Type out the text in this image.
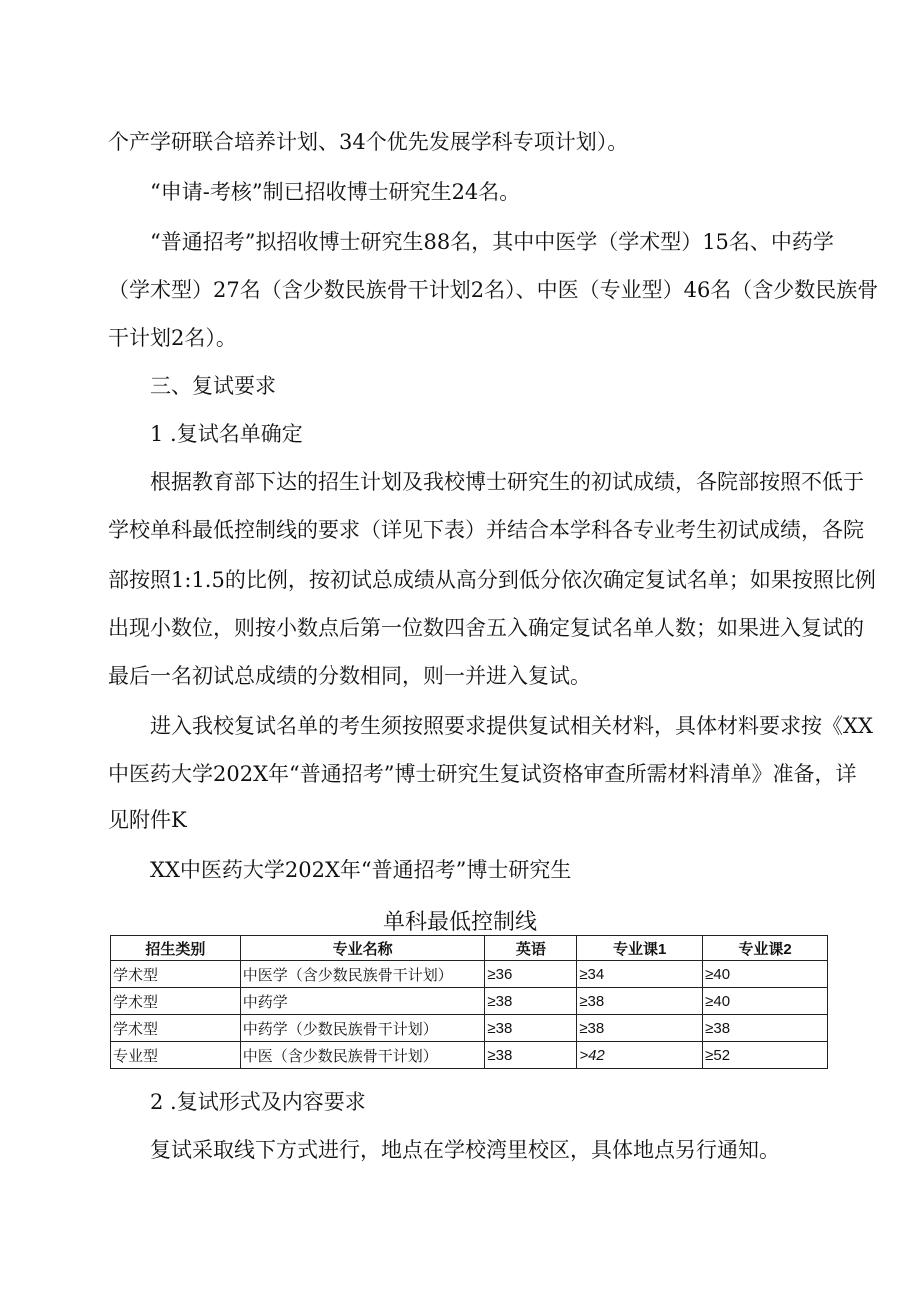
个产学研联合培养计划、34个优先发展学科专项计划）。
“申请-考核”制已招收博士研究生24名。
“普通招考”拟招收博士研究生88名，其中中医学（学术型）15名、中药学
（学术型）27名（含少数民族骨干计划2名）、中医（专业型）46名（含少数民族骨
干计划2名）。
三、复试要求
1 .复试名单确定
根据教育部下达的招生计划及我校博士研究生的初试成绩，各院部按照不低于
学校单科最低控制线的要求（详见下表）并结合本学科各专业考生初试成绩，各院
部按照1:1.5的比例，按初试总成绩从高分到低分依次确定复试名单；如果按照比例
出现小数位，则按小数点后第一位数四舍五入确定复试名单人数；如果进入复试的
最后一名初试总成绩的分数相同，则一并进入复试。
进入我校复试名单的考生须按照要求提供复试相关材料，具体材料要求按《XX
中医药大学202X年“普通招考”博士研究生复试资格审查所需材料清单》准备，详
见附件K
XX中医药大学202X年“普通招考”博士研究生
单科最低控制线
招生类别	专业名称	英语	专业课1	专业课2
学术型	中医学（含少数民族骨干计划）	≥36	≥34	≥40
学术型	中药学	≥38	≥38	≥40
学术型	中药学（少数民族骨干计划）	≥38	≥38	≥38
专业型	中医（含少数民族骨干计划）	≥38	>42	≥52
2 .复试形式及内容要求
复试采取线下方式进行，地点在学校湾里校区，具体地点另行通知。
